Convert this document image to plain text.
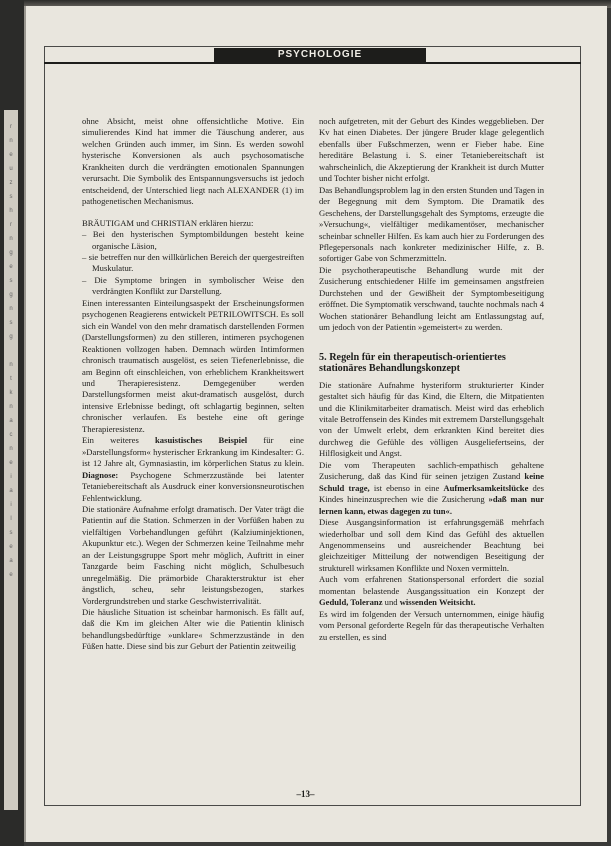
r
n
e
u
z
s
h
r
n
g
e
s
g
n
s
g

n
t
k
n
a
c
n
e
i
a
i
l
s
e
a
e
PSYCHOLOGIE

ohne Absicht, meist ohne offensichtliche Motive. Ein simulierendes Kind hat immer die Täuschung anderer, aus welchen Gründen auch immer, im Sinn. Es werden sowohl hysterische Konversionen als auch psychosomatische Krankheiten durch die verdrängten emotionalen Spannungen verursacht. Die Symbolik des Entspannungsversuchs ist jedoch entscheidend, der Unterschied liegt nach ALEXANDER (1) im pathogenetischen Mechanismus.

BRÄUTIGAM und CHRISTIAN erklären hierzu:

– Bei den hysterischen Symptombildungen besteht keine organische Läsion,
– sie betreffen nur den willkürlichen Bereich der quergestreiften Muskulatur.
– Die Symptome bringen in symbolischer Weise den verdrängten Konflikt zur Darstellung.

Einen interessanten Einteilungsaspekt der Erscheinungsformen psychogenen Reagierens entwickelt PETRILOWITSCH. Es soll sich ein Wandel von den mehr dramatisch darstellenden Formen (Darstellungsformen) zu den stilleren, intimeren psychogenen Reaktionen vollzogen haben. Demnach würden Intimformen chronisch traumatisch ausgelöst, es seien Tiefenerlebnisse, die am Beginn oft einschleichen, von erheblichem Krankheitswert und Therapieresistenz. Demgegenüber werden Darstellungsformen meist akut-dramatisch ausgelöst, durch intensive Erlebnisse bedingt, oft schlagartig beginnen, selten chronischer verlaufen. Es bestehe eine oft geringe Therapieresistenz.

Ein weiteres kasuistisches Beispiel für eine »Darstellungsform« hysterischer Erkrankung im Kindesalter: G. ist 12 Jahre alt, Gymnasiastin, im körperlichen Status zu klein. Diagnose: Psychogene Schmerzzustände bei latenter Tetaniebereitschaft als Ausdruck einer konversionsneurotischen Fehlentwicklung.

Die stationäre Aufnahme erfolgt dramatisch. Der Vater trägt die Patientin auf die Station. Schmerzen in der Vorfüßen haben zu vielfältigen Vorbehandlungen geführt (Kalziuminjektionen, Akupunktur etc.). Wegen der Schmerzen keine Teilnahme mehr an der Leistungsgruppe Sport mehr möglich, Auftritt in einer Tanzgarde beim Fasching nicht möglich, Schulbesuch unregelmäßig. Die prämorbide Charakterstruktur ist eher ängstlich, scheu, sehr leistungsbezogen, starkes Vordergrundstreben und starke Geschwisterrivalität.

Die häusliche Situation ist scheinbar harmonisch. Es fällt auf, daß die Km im gleichen Alter wie die Patientin klinisch behandlungsbedürftige »unklare« Schmerzzustände in den Füßen hatte. Diese sind bis zur Geburt der Patientin zeitweilig

noch aufgetreten, mit der Geburt des Kindes weggeblieben. Der Kv hat einen Diabetes. Der jüngere Bruder klage gelegentlich ebenfalls über Fußschmerzen, wenn er Fieber habe. Eine hereditäre Belastung i. S. einer Tetaniebereitschaft ist wahrscheinlich, die Akzeptierung der Krankheit ist durch Mutter und Tochter bisher nicht erfolgt.

Das Behandlungsproblem lag in den ersten Stunden und Tagen in der Begegnung mit dem Symptom. Die Dramatik des Geschehens, der Darstellungsgehalt des Symptoms, erzeugte die »Versuchung«, vielfältiger medikamentöser, mechanischer scheinbar schneller Hilfen. Es kam auch hier zu Forderungen des Pflegepersonals nach konkreter medizinischer Hilfe, z. B. sofortiger Gabe von Schmerzmitteln.

Die psychotherapeutische Behandlung wurde mit der Zusicherung entschiedener Hilfe im gemeinsamen angstfreien Durchstehen und der Gewißheit der Symptombeseitigung eröffnet. Die Symptomatik verschwand, tauchte nochmals nach 4 Wochen stationärer Behandlung leicht am Entlassungstag auf, um jedoch von der Patientin »gemeistert« zu werden.

5. Regeln für ein therapeutisch-orientiertes stationäres Behandlungskonzept

Die stationäre Aufnahme hysteriform strukturierter Kinder gestaltet sich häufig für das Kind, die Eltern, die Mitpatienten und die Klinikmitarbeiter dramatisch. Meist wird das erheblich vitale Betroffensein des Kindes mit extremem Darstellungsgehalt von der Umwelt erlebt, dem erkrankten Kind bereitet dies durchweg die Gefühle des völligen Ausgeliefertseins, der Hilflosigkeit und Angst.

Die vom Therapeuten sachlich-empathisch gehaltene Zusicherung, daß das Kind für seinen jetzigen Zustand keine Schuld trage, ist ebenso in eine Aufmerksamkeitslücke des Kindes hineinzusprechen wie die Zusicherung »daß man nur lernen kann, etwas dagegen zu tun«.

Diese Ausgangsinformation ist erfahrungsgemäß mehrfach wiederholbar und soll dem Kind das Gefühl des aktuellen Angenommenseins und ausreichender Beachtung bei gleichzeitiger Mitteilung der notwendigen Beseitigung der strukturell wirksamen Konflikte und Noxen vermitteln.

Auch vom erfahrenen Stationspersonal erfordert die sozial momentan belastende Ausgangssituation ein Konzept der Geduld, Toleranz und wissenden Weitsicht.

Es wird im folgenden der Versuch unternommen, einige häufig vom Personal geforderte Regeln für das therapeutische Verhalten zu erstellen, es sind

–13–
